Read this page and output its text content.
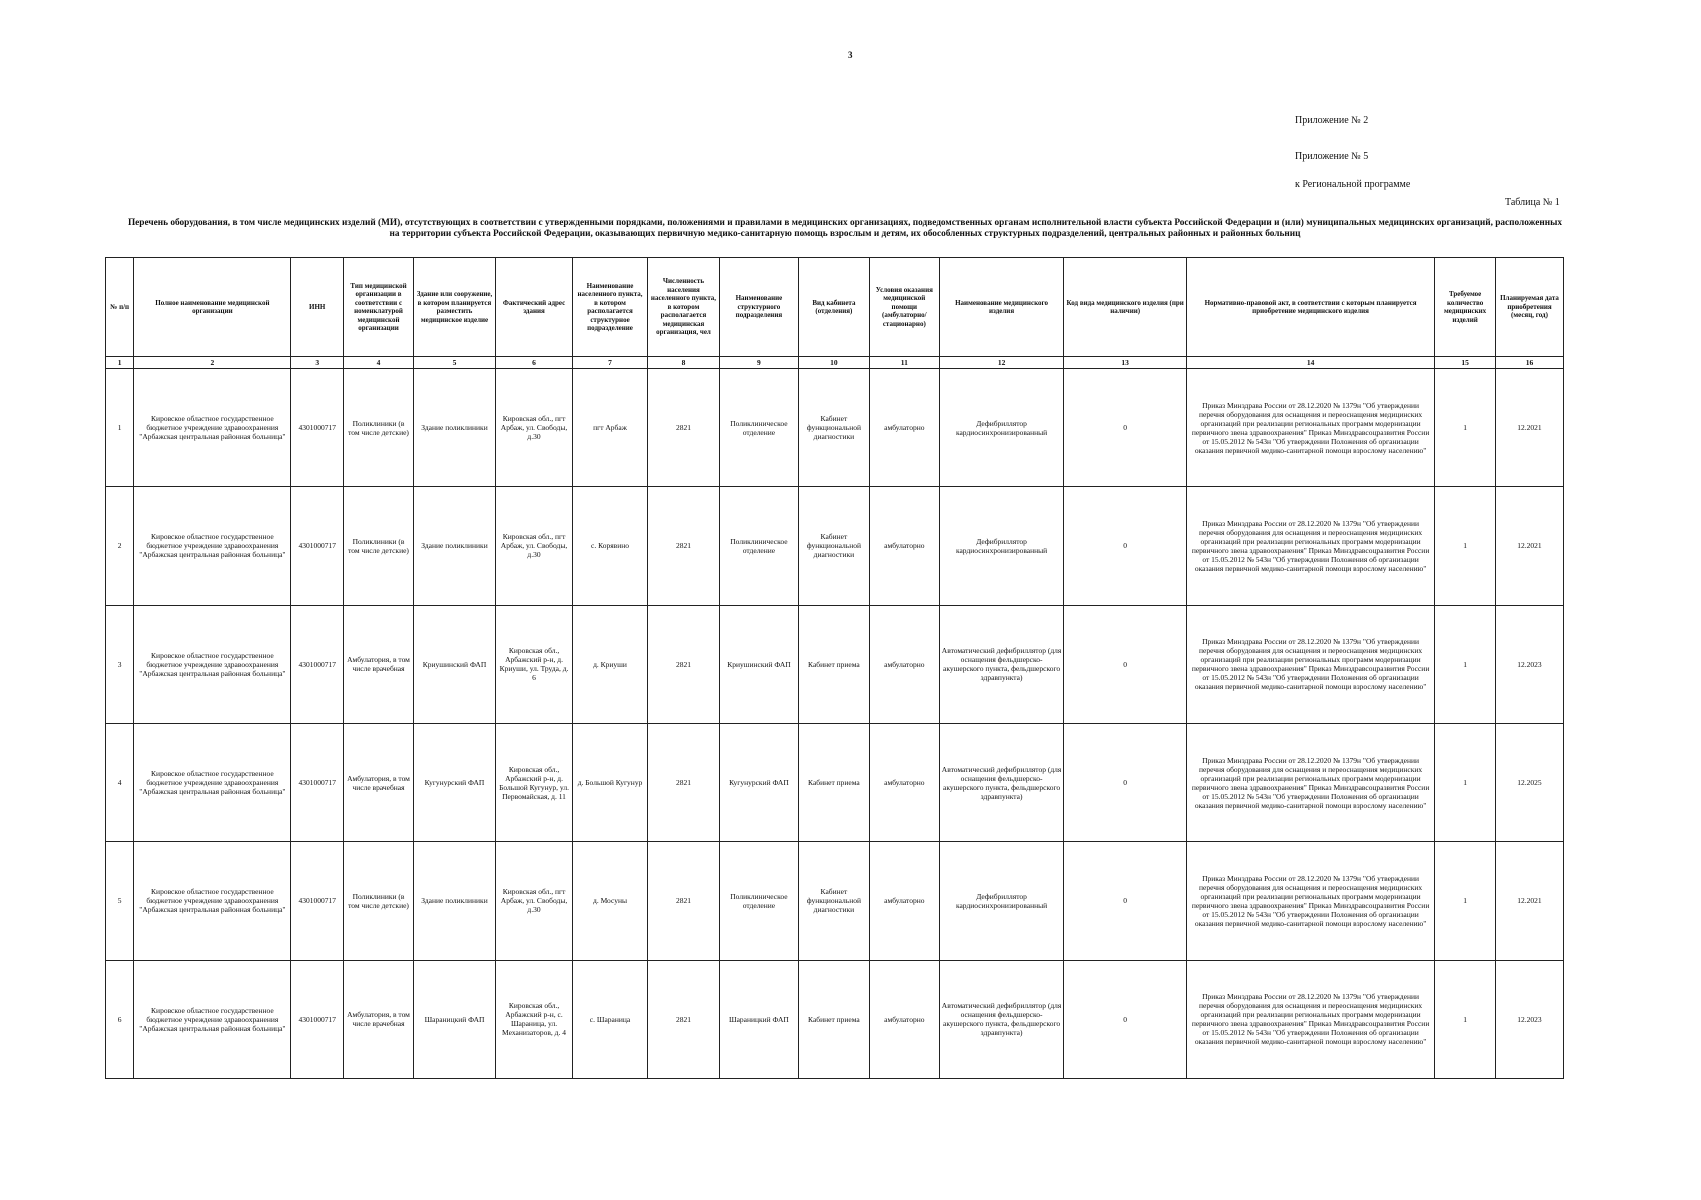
3
Приложение № 2
Приложение № 5
к Региональной программе
Таблица № 1
Перечень оборудования, в том числе медицинских изделий (МИ), отсутствующих в соответствии с утвержденными порядками, положениями и правилами в медицинских организациях, подведомственных органам исполнительной власти субъекта Российской Федерации и (или) муниципальных медицинских организаций, расположенных на территории субъекта Российской Федерации, оказывающих первичную медико-санитарную помощь взрослым и детям, их обособленных структурных подразделений, центральных районных и районных больниц
№ п/п	Полное наименование медицинской организации	ИНН	Тип медицинской организации в соответствии с номенклатурой медицинской организации	Здание или сооружение, в котором планируется разместить медицинское изделие	Фактический адрес здания	Наименование населенного пункта, в котором располагается структурное подразделение	Численность населения населенного пункта, в котором располагается медицинская организация, чел	Наименование структурного подразделения	Вид кабинета (отделения)	Условия оказания медицинской помощи (амбулаторно/стационарно)	Наименование медицинского изделия	Код вида медицинского изделия (при наличии)	Нормативно-правовой акт, в соответствии с которым планируется приобретение медицинского изделия	Требуемое количество медицинских изделий	Планируемая дата приобретения (месяц, год)
1	2	3	4	5	6	7	8	9	10	11	12	13	14	15	16
1	Кировское областное государственное бюджетное учреждение здравоохранения "Арбажская центральная районная больница"	4301000717	Поликлиники (в том числе детские)	Здание поликлиники	Кировская обл., пгт Арбаж, ул. Свободы, д.30	пгт Арбаж	2821	Поликлиническое отделение	Кабинет функциональной диагностики	амбулаторно	Дефибриллятор кардиосинхронизированный	0	Приказ Минздрава России от 28.12.2020 № 1379н "Об утверждении перечня оборудования для оснащения и переоснащения медицинских организаций при реализации региональных программ модернизации первичного звена здравоохранения" Приказ Минздравсоцразвития России от 15.05.2012 № 543н "Об утверждении Положения об организации оказания первичной медико-санитарной помощи взрослому населению"	1	12.2021
2	Кировское областное государственное бюджетное учреждение здравоохранения "Арбажская центральная районная больница"	4301000717	Поликлиники (в том числе детские)	Здание поликлиники	Кировская обл., пгт Арбаж, ул. Свободы, д.30	с. Корявино	2821	Поликлиническое отделение	Кабинет функциональной диагностики	амбулаторно	Дефибриллятор кардиосинхронизированный	0	Приказ Минздрава России от 28.12.2020 № 1379н "Об утверждении перечня оборудования для оснащения и переоснащения медицинских организаций при реализации региональных программ модернизации первичного звена здравоохранения" Приказ Минздравсоцразвития России от 15.05.2012 № 543н "Об утверждении Положения об организации оказания первичной медико-санитарной помощи взрослому населению"	1	12.2021
3	Кировское областное государственное бюджетное учреждение здравоохранения "Арбажская центральная районная больница"	4301000717	Амбулатория, в том числе врачебная	Криушинский ФАП	Кировская обл., Арбажский р-н, д. Криуши, ул. Труда, д. 6	д. Криуши	2821	Криушинский ФАП	Кабинет приема	амбулаторно	Автоматический дефибриллятор (для оснащения фельдшерско-акушерского пункта, фельдшерского здравпункта)	0	Приказ Минздрава России от 28.12.2020 № 1379н "Об утверждении перечня оборудования для оснащения и переоснащения медицинских организаций при реализации региональных программ модернизации первичного звена здравоохранения" Приказ Минздравсоцразвития России от 15.05.2012 № 543н "Об утверждении Положения об организации оказания первичной медико-санитарной помощи взрослому населению"	1	12.2023
4	Кировское областное государственное бюджетное учреждение здравоохранения "Арбажская центральная районная больница"	4301000717	Амбулатория, в том числе врачебная	Кугунурский ФАП	Кировская обл., Арбажский р-н, д. Большой Кугунур, ул. Первомайская, д. 11	д. Большой Кугунур	2821	Кугунурский ФАП	Кабинет приема	амбулаторно	Автоматический дефибриллятор (для оснащения фельдшерско-акушерского пункта, фельдшерского здравпункта)	0	Приказ Минздрава России от 28.12.2020 № 1379н "Об утверждении перечня оборудования для оснащения и переоснащения медицинских организаций при реализации региональных программ модернизации первичного звена здравоохранения" Приказ Минздравсоцразвития России от 15.05.2012 № 543н "Об утверждении Положения об организации оказания первичной медико-санитарной помощи взрослому населению"	1	12.2025
5	Кировское областное государственное бюджетное учреждение здравоохранения "Арбажская центральная районная больница"	4301000717	Поликлиники (в том числе детские)	Здание поликлиники	Кировская обл., пгт Арбаж, ул. Свободы, д.30	д. Мосуны	2821	Поликлиническое отделение	Кабинет функциональной диагностики	амбулаторно	Дефибриллятор кардиосинхронизированный	0	Приказ Минздрава России от 28.12.2020 № 1379н "Об утверждении перечня оборудования для оснащения и переоснащения медицинских организаций при реализации региональных программ модернизации первичного звена здравоохранения" Приказ Минздравсоцразвития России от 15.05.2012 № 543н "Об утверждении Положения об организации оказания первичной медико-санитарной помощи взрослому населению"	1	12.2021
6	Кировское областное государственное бюджетное учреждение здравоохранения "Арбажская центральная районная больница"	4301000717	Амбулатория, в том числе врачебная	Шараницкий ФАП	Кировская обл., Арбажский р-н, с. Шараница, ул. Механизаторов, д. 4	с. Шараница	2821	Шараницкий ФАП	Кабинет приема	амбулаторно	Автоматический дефибриллятор (для оснащения фельдшерско-акушерского пункта, фельдшерского здравпункта)	0	Приказ Минздрава России от 28.12.2020 № 1379н "Об утверждении перечня оборудования для оснащения и переоснащения медицинских организаций при реализации региональных программ модернизации первичного звена здравоохранения" Приказ Минздравсоцразвития России от 15.05.2012 № 543н "Об утверждении Положения об организации оказания первичной медико-санитарной помощи взрослому населению"	1	12.2023
